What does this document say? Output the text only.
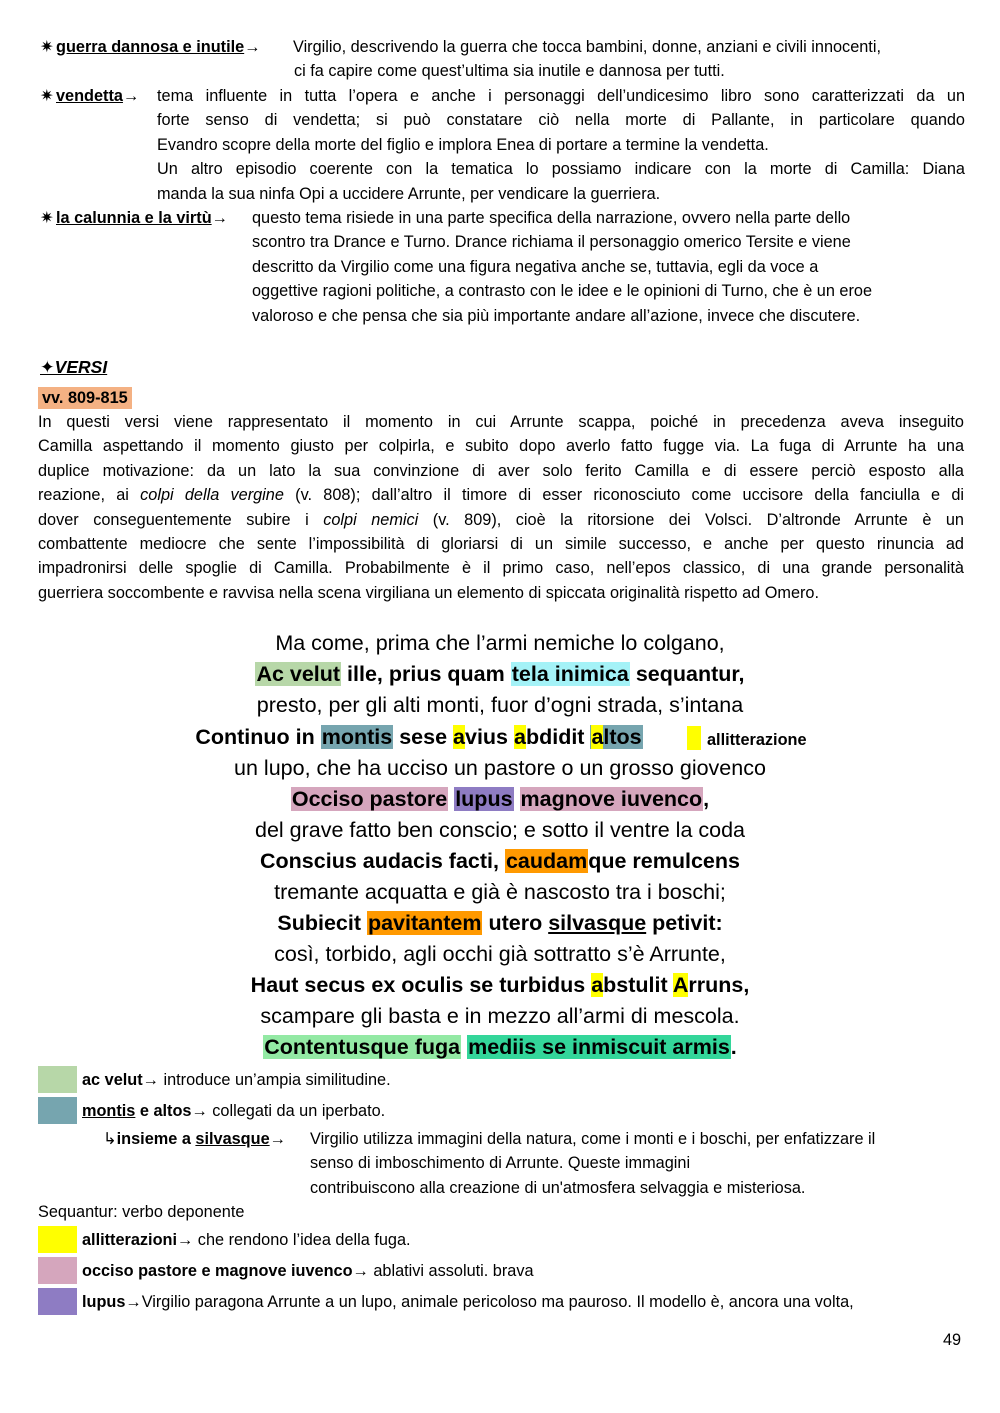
✷ guerra dannosa e inutile→ Virgilio, descrivendo la guerra che tocca bambini, donne, anziani e civili innocenti,
ci fa capire come quest’ultima sia inutile e dannosa per tutti.
✷ vendetta→ tema influente in tutta l’opera e anche i personaggi dell’undicesimo libro sono caratterizzati da un
forte senso di vendetta; si può constatare ciò nella morte di Pallante, in particolare quando
Evandro scopre della morte del figlio e implora Enea di portare a termine la vendetta.
Un altro episodio coerente con la tematica lo possiamo indicare con la morte di Camilla: Diana
manda la sua ninfa Opi a uccidere Arrunte, per vendicare la guerriera.
✷ la calunnia e la virtù→ questo tema risiede in una parte specifica della narrazione, ovvero nella parte dello
scontro tra Drance e Turno. Drance richiama il personaggio omerico Tersite e viene
descritto da Virgilio come una figura negativa anche se, tuttavia, egli da voce a
oggettive ragioni politiche, a contrasto con le idee e le opinioni di Turno, che è un eroe
valoroso e che pensa che sia più importante andare all’azione, invece che discutere.
✦VERSI
vv. 809-815
In questi versi viene rappresentato il momento in cui Arrunte scappa, poiché in precedenza aveva inseguito
Camilla aspettando il momento giusto per colpirla, e subito dopo averlo fatto fugge via. La fuga di Arrunte ha una
duplice motivazione: da un lato la sua convinzione di aver solo ferito Camilla e di essere perciò esposto alla
reazione, ai colpi della vergine (v. 808); dall’altro il timore di esser riconosciuto come uccisore della fanciulla e di
dover conseguentemente subire i colpi nemici (v. 809), cioè la ritorsione dei Volsci. D’altronde Arrunte è un
combattente mediocre che sente l’impossibilità di gloriarsi di un simile successo, e anche per questo rinuncia ad
impadronirsi delle spoglie di Camilla. Probabilmente è il primo caso, nell’epos classico, di una grande personalità
guerriera soccombente e ravvisa nella scena virgiliana un elemento di spiccata originalità rispetto ad Omero.
Ma come, prima che l’armi nemiche lo colgano,
Ac velut ille, prius quam tela inimica sequantur,
presto, per gli alti monti, fuor d’ogni strada, s’intana
Continuo in montis sese avius abdidit altos	allitterazione
un lupo, che ha ucciso un pastore o un grosso giovenco
Occiso pastore lupus magnove iuvenco,
del grave fatto ben conscio; e sotto il ventre la coda
Conscius audacis facti, caudamque remulcens
tremante acquatta e già è nascosto tra i boschi;
Subiecit pavitantem utero silvasque petivit:
così, torbido, agli occhi già sottratto s’è Arrunte,
Haut secus ex oculis se turbidus abstulit Arruns,
scampare gli basta e in mezzo all’armi di mescola.
Contentusque fuga mediis se inmiscuit armis.
ac velut→ introduce un’ampia similitudine.
montis e altos→ collegati da un iperbato.
↳insieme a silvasque→ Virgilio utilizza immagini della natura, come i monti e i boschi, per enfatizzare il
senso di imboschimento di Arrunte. Queste immagini
contribuiscono alla creazione di un'atmosfera selvaggia e misteriosa.
Sequantur: verbo deponente
allitterazioni→ che rendono l’idea della fuga.
occiso pastore e magnove iuvenco→ ablativi assoluti. brava
lupus→Virgilio paragona Arrunte a un lupo, animale pericoloso ma pauroso. Il modello è, ancora una volta,
49
